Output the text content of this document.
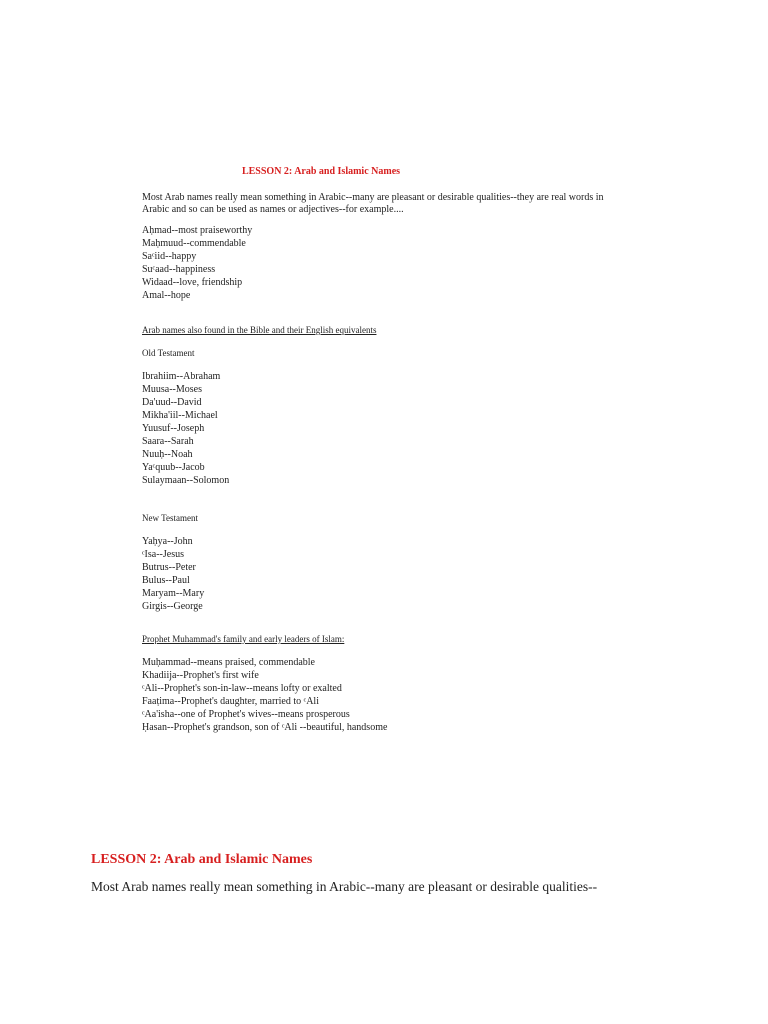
LESSON 2: Arab and Islamic Names

Most Arab names really mean something in Arabic--many are pleasant or desirable qualities--they are real words in Arabic and so can be used as names or adjectives--for example....

Aḥmad--most praiseworthy
Maḥmuud--commendable
Saᶜiid--happy
Suᶜaad--happiness
Widaad--love, friendship
Amal--hope

Arab names also found in the Bible and their English equivalents

Old Testament

Ibrahiim--Abraham
Muusa--Moses
Da'uud--David
Mikha'iil--Michael
Yuusuf--Joseph
Saara--Sarah
Nuuḥ--Noah
Yaᶜquub--Jacob
Sulaymaan--Solomon

New Testament

Yaḥya--John
ᶜIsa--Jesus
Butrus--Peter
Bulus--Paul
Maryam--Mary
Girgis--George

Prophet Muhammad's family and early leaders of Islam:

Muḥammad--means praised, commendable
Khadiija--Prophet's first wife
ᶜAli--Prophet's son-in-law--means lofty or exalted
Faaṭima--Prophet's daughter, married to ᶜAli
ᶜAa'isha--one of Prophet's wives--means prosperous
Ḥasan--Prophet's grandson, son of ᶜAli --beautiful, handsome
LESSON 2: Arab and Islamic Names

Most Arab names really mean something in Arabic--many are pleasant or desirable qualities--
